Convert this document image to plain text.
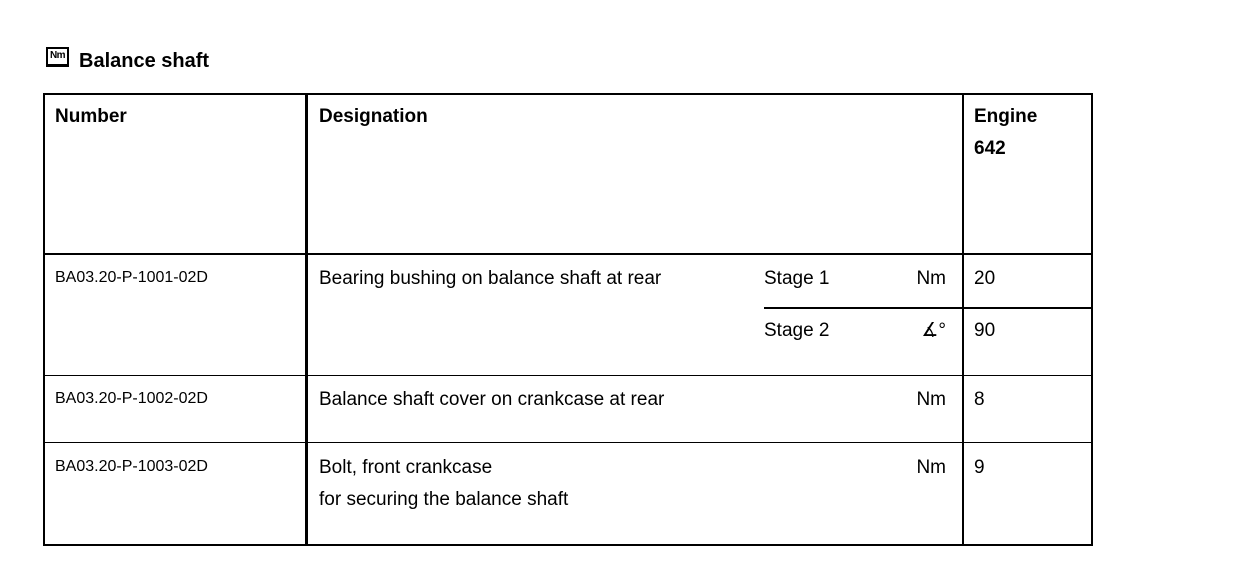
Nm Balance shaft
Number	Designation	Engine
642
BA03.20-P-1001-02D	Bearing bushing on balance shaft at rear	Stage 1	Nm 20
Stage 2	∡° 90
BA03.20-P-1002-02D	Balance shaft cover on crankcase at rear	Nm 8
BA03.20-P-1003-02D	Bolt, front crankcase
for securing the balance shaft
Nm 9
